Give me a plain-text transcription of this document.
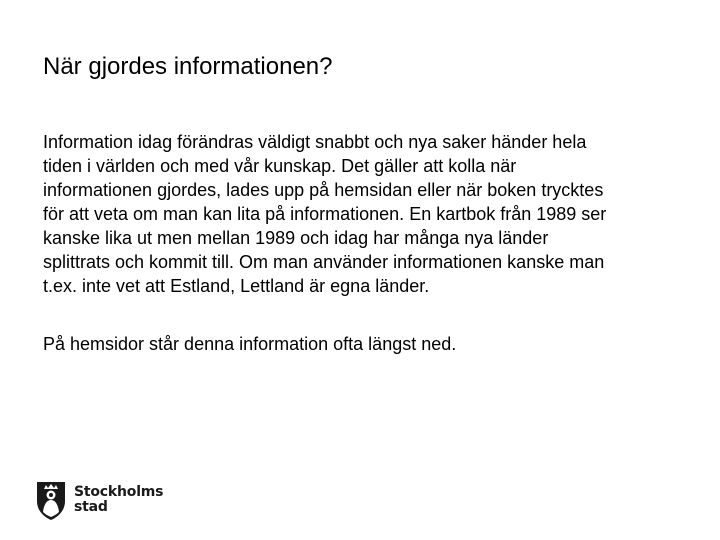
När gjordes informationen?

Information idag förändras väldigt snabbt och nya saker händer hela

tiden i världen och med vår kunskap. Det gäller att kolla när

informationen gjordes, lades upp på hemsidan eller när boken trycktes

för att veta om man kan lita på informationen. En kartbok från 1989 ser

kanske lika ut men mellan 1989 och idag har många nya länder

splittrats och kommit till. Om man använder informationen kanske man

t.ex. inte vet att Estland, Lettland är egna länder.

På hemsidor står denna information ofta längst ned.

Stockholms
stad
